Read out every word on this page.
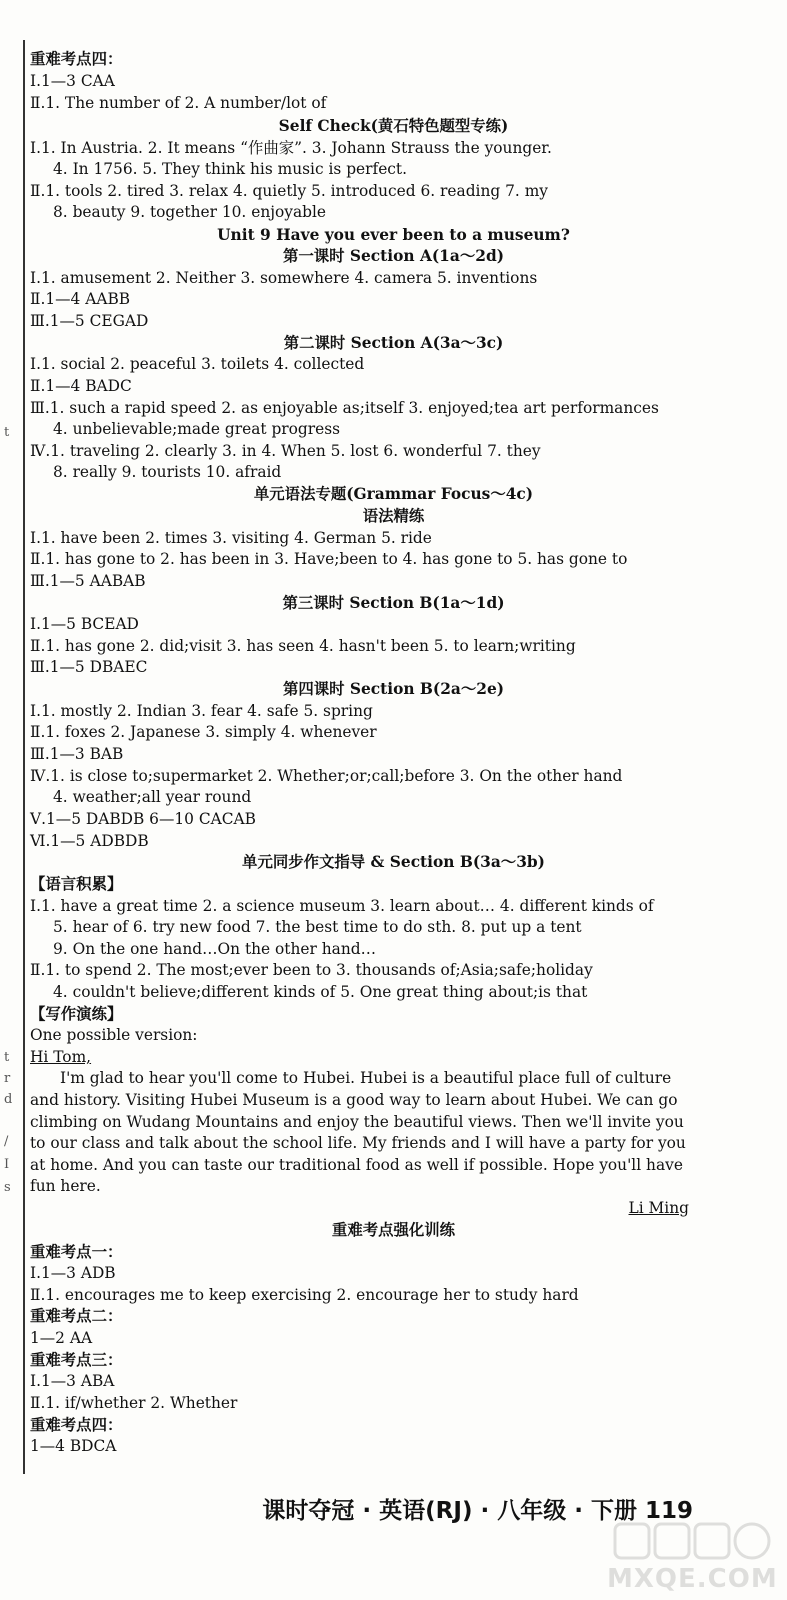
t
t
r
d
/
I
s
重难考点四：
Ⅰ.1—3 CAA
Ⅱ.1. The number of 2. A number/lot of
Self Check(黄石特色题型专练)
Ⅰ.1. In Austria. 2. It means “作曲家”. 3. Johann Strauss the younger.
4. In 1756. 5. They think his music is perfect.
Ⅱ.1. tools 2. tired 3. relax 4. quietly 5. introduced 6. reading 7. my
8. beauty 9. together 10. enjoyable
Unit 9 Have you ever been to a museum?
第一课时 Section A(1a～2d)
Ⅰ.1. amusement 2. Neither 3. somewhere 4. camera 5. inventions
Ⅱ.1—4 AABB
Ⅲ.1—5 CEGAD
第二课时 Section A(3a～3c)
Ⅰ.1. social 2. peaceful 3. toilets 4. collected
Ⅱ.1—4 BADC
Ⅲ.1. such a rapid speed 2. as enjoyable as;itself 3. enjoyed;tea art performances
4. unbelievable;made great progress
Ⅳ.1. traveling 2. clearly 3. in 4. When 5. lost 6. wonderful 7. they
8. really 9. tourists 10. afraid
单元语法专题(Grammar Focus～4c)
语法精练
Ⅰ.1. have been 2. times 3. visiting 4. German 5. ride
Ⅱ.1. has gone to 2. has been in 3. Have;been to 4. has gone to 5. has gone to
Ⅲ.1—5 AABAB
第三课时 Section B(1a～1d)
Ⅰ.1—5 BCEAD
Ⅱ.1. has gone 2. did;visit 3. has seen 4. hasn't been 5. to learn;writing
Ⅲ.1—5 DBAEC
第四课时 Section B(2a～2e)
Ⅰ.1. mostly 2. Indian 3. fear 4. safe 5. spring
Ⅱ.1. foxes 2. Japanese 3. simply 4. whenever
Ⅲ.1—3 BAB
Ⅳ.1. is close to;supermarket 2. Whether;or;call;before 3. On the other hand
4. weather;all year round
Ⅴ.1—5 DABDB 6—10 CACAB
Ⅵ.1—5 ADBDB
单元同步作文指导 & Section B(3a～3b)
【语言积累】
Ⅰ.1. have a great time 2. a science museum 3. learn about… 4. different kinds of
5. hear of 6. try new food 7. the best time to do sth. 8. put up a tent
9. On the one hand…On the other hand…
Ⅱ.1. to spend 2. The most;ever been to 3. thousands of;Asia;safe;holiday
4. couldn't believe;different kinds of 5. One great thing about;is that
【写作演练】
One possible version:
Hi Tom,
I'm glad to hear you'll come to Hubei. Hubei is a beautiful place full of culture
and history. Visiting Hubei Museum is a good way to learn about Hubei. We can go
climbing on Wudang Mountains and enjoy the beautiful views. Then we'll invite you
to our class and talk about the school life. My friends and I will have a party for you
at home. And you can taste our traditional food as well if possible. Hope you'll have
fun here.
Li Ming
重难考点强化训练
重难考点一：
Ⅰ.1—3 ADB
Ⅱ.1. encourages me to keep exercising 2. encourage her to study hard
重难考点二：
1—2 AA
重难考点三：
Ⅰ.1—3 ABA
Ⅱ.1. if/whether 2. Whether
重难考点四：
1—4 BDCA
课时夺冠 · 英语(RJ) · 八年级 · 下册 119
MXQE.COM
